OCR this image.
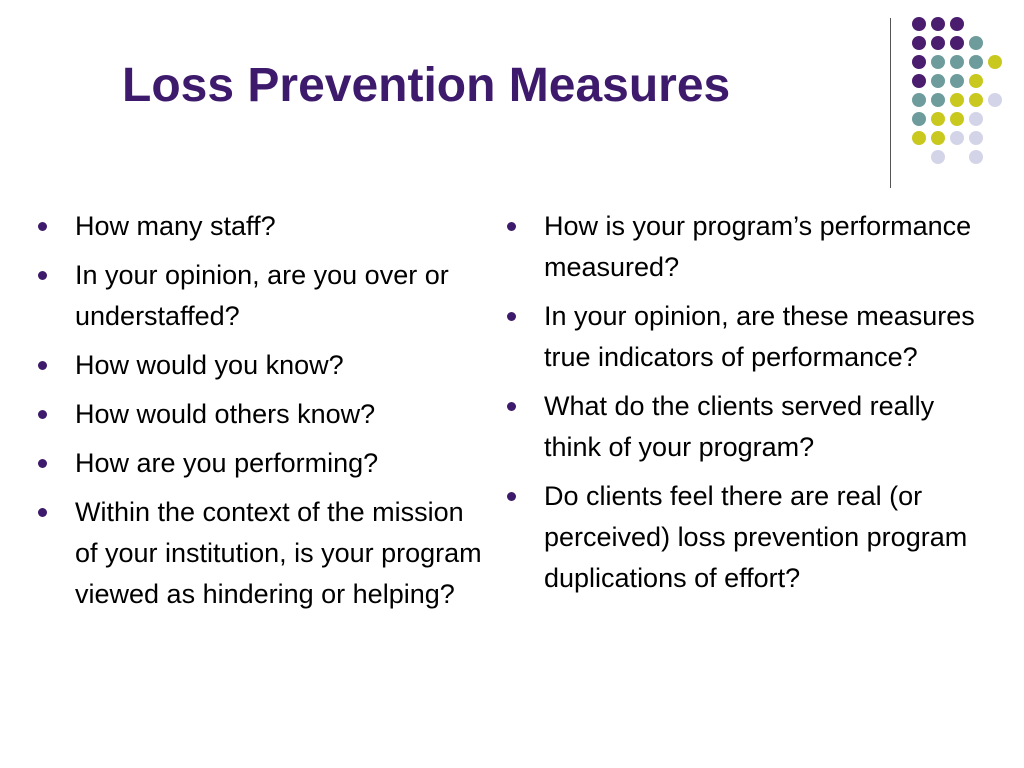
Loss Prevention Measures
How many staff?
In your opinion, are you over or understaffed?
How would you know?
How would others know?
How are you performing?
Within the context of the mission of your institution, is your program viewed as hindering or helping?
How is your program’s performance measured?
In your opinion, are these measures true indicators of performance?
What do the clients served really think of your program?
Do clients feel there are real (or perceived) loss prevention program duplications of effort?
